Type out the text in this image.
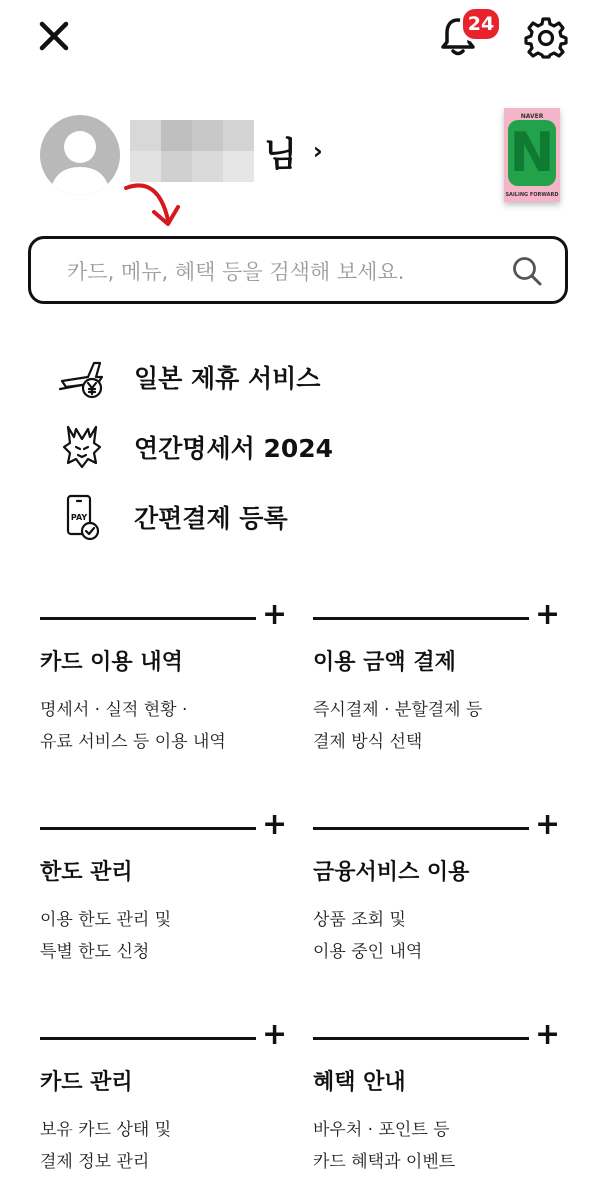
24
님 ›
NAVER
N
SAILING FORWARD
카드, 메뉴, 혜택 등을 검색해 보세요.
일본 제휴 서비스
연간명세서 2024
PAY 간편결제 등록
+
카드 이용 내역
명세서 · 실적 현황 ·
유료 서비스 등 이용 내역
+
이용 금액 결제
즉시결제 · 분할결제 등
결제 방식 선택
+
한도 관리
이용 한도 관리 및
특별 한도 신청
+
금융서비스 이용
상품 조회 및
이용 중인 내역
+
카드 관리
보유 카드 상태 및
결제 정보 관리
+
혜택 안내
바우처 · 포인트 등
카드 혜택과 이벤트
